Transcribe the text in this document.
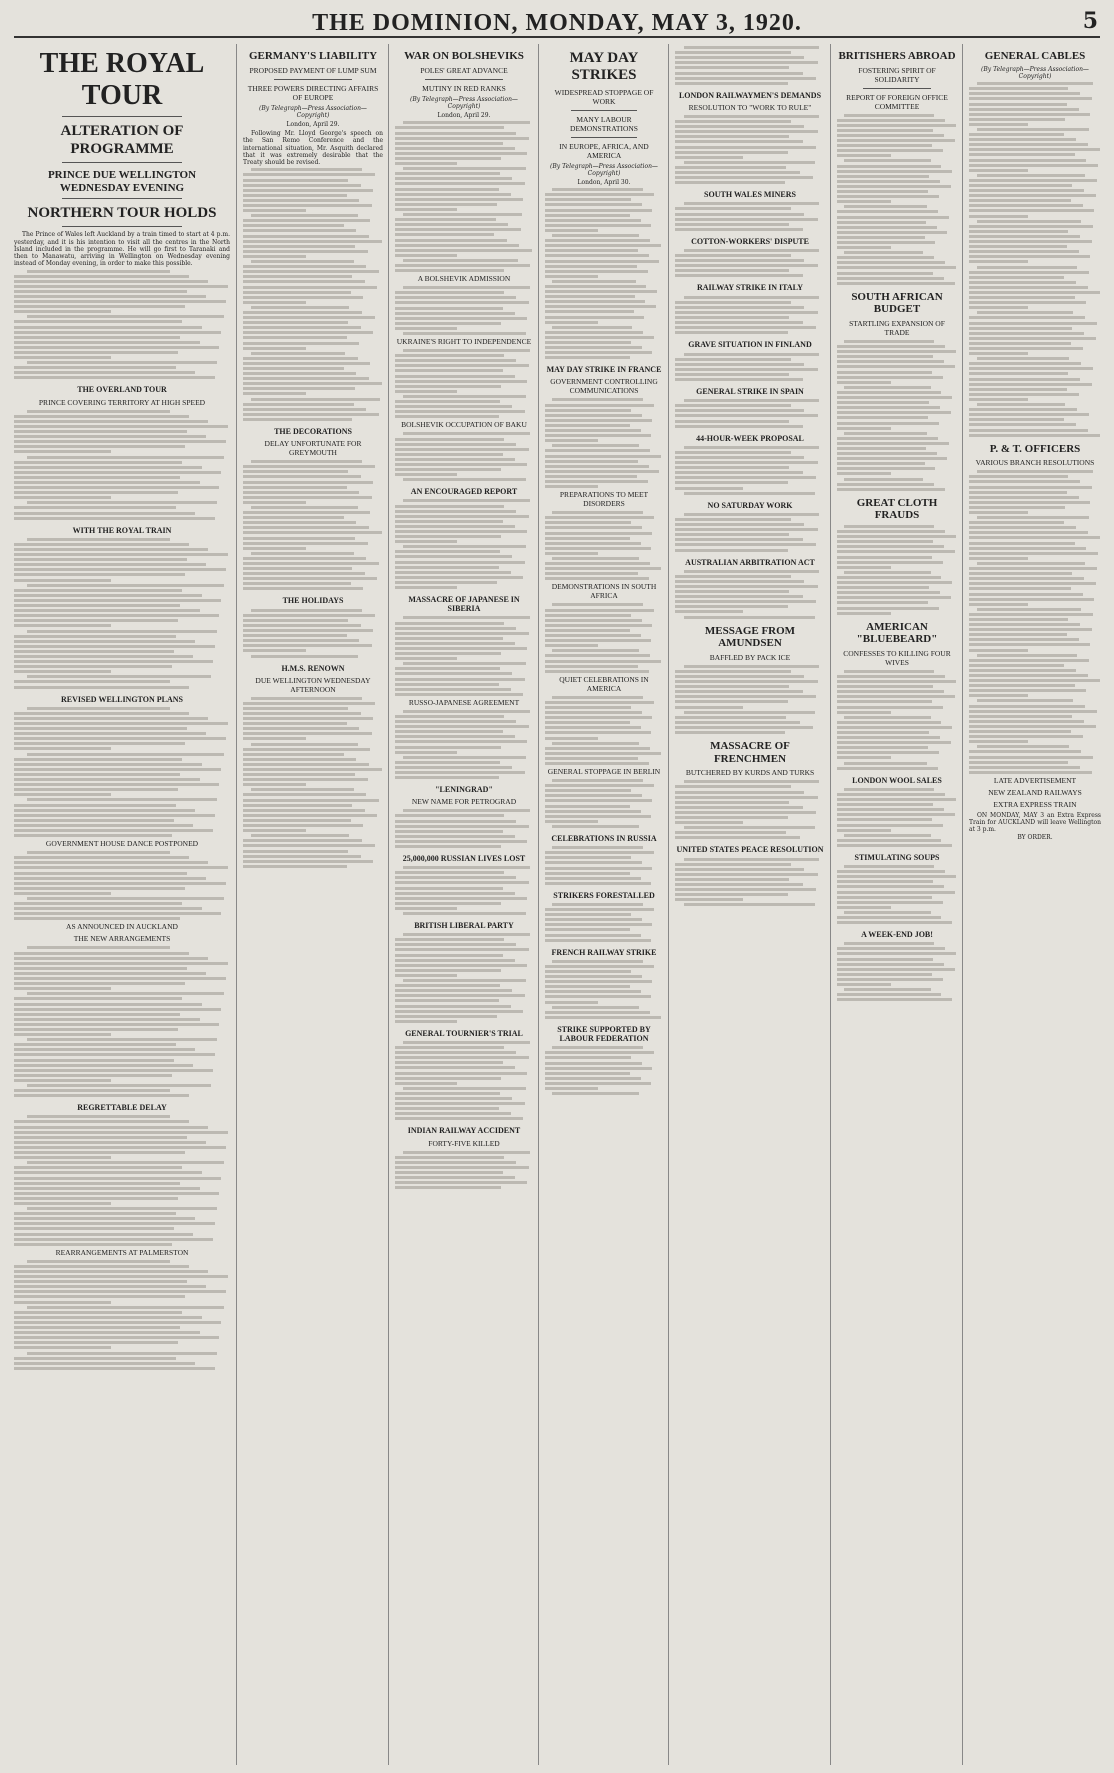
THE DOMINION, MONDAY, MAY 3, 1920.	5
THE ROYAL TOUR
ALTERATION OF PROGRAMME
PRINCE DUE WELLINGTON WEDNESDAY EVENING
NORTHERN TOUR HOLDS

The Prince of Wales left Auckland by a train timed to start at 4 p.m. yesterday, and it is his intention to visit all the centres in the North Island included in the programme. He will go first to Taranaki and then to Manawatu, arriving in Wellington on Wednesday evening instead of Monday evening, in order to make this possible.

THE OVERLAND TOUR
PRINCE COVERING TERRITORY AT HIGH SPEED
WITH THE ROYAL TRAIN
REVISED WELLINGTON PLANS
GOVERNMENT HOUSE DANCE POSTPONED
AS ANNOUNCED IN AUCKLAND
THE NEW ARRANGEMENTS
REGRETTABLE DELAY
REARRANGEMENTS AT PALMERSTON
GERMANY'S LIABILITY
PROPOSED PAYMENT OF LUMP SUM
THREE POWERS DIRECTING AFFAIRS OF EUROPE
(By Telegraph—Press Association—Copyright)
London, April 29.

Following Mr. Lloyd George's speech on the San Remo Conference and the international situation, Mr. Asquith declared that it was extremely desirable that the Treaty should be revised.

THE DECORATIONS
DELAY UNFORTUNATE FOR GREYMOUTH
THE HOLIDAYS
H.M.S. RENOWN
DUE WELLINGTON WEDNESDAY AFTERNOON
WAR ON BOLSHEVIKS
POLES' GREAT ADVANCE
MUTINY IN RED RANKS
(By Telegraph—Press Association—Copyright)
London, April 29.
A BOLSHEVIK ADMISSION
UKRAINE'S RIGHT TO INDEPENDENCE
BOLSHEVIK OCCUPATION OF BAKU
AN ENCOURAGED REPORT
MASSACRE OF JAPANESE IN SIBERIA
RUSSO-JAPANESE AGREEMENT
"LENINGRAD"
NEW NAME FOR PETROGRAD
25,000,000 RUSSIAN LIVES LOST
BRITISH LIBERAL PARTY
GENERAL TOURNIER'S TRIAL
INDIAN RAILWAY ACCIDENT
FORTY-FIVE KILLED
MAY DAY STRIKES
WIDESPREAD STOPPAGE OF WORK
MANY LABOUR DEMONSTRATIONS
IN EUROPE, AFRICA, AND AMERICA
(By Telegraph—Press Association—Copyright)
London, April 30.
MAY DAY STRIKE IN FRANCE
GOVERNMENT CONTROLLING COMMUNICATIONS
PREPARATIONS TO MEET DISORDERS
DEMONSTRATIONS IN SOUTH AFRICA
QUIET CELEBRATIONS IN AMERICA
GENERAL STOPPAGE IN BERLIN
CELEBRATIONS IN RUSSIA
STRIKERS FORESTALLED
FRENCH RAILWAY STRIKE
STRIKE SUPPORTED BY LABOUR FEDERATION
LONDON RAILWAYMEN'S DEMANDS
RESOLUTION TO "WORK TO RULE"
SOUTH WALES MINERS
COTTON-WORKERS' DISPUTE
RAILWAY STRIKE IN ITALY
GRAVE SITUATION IN FINLAND
GENERAL STRIKE IN SPAIN
44-HOUR-WEEK PROPOSAL
NO SATURDAY WORK
AUSTRALIAN ARBITRATION ACT
MESSAGE FROM AMUNDSEN
BAFFLED BY PACK ICE
MASSACRE OF FRENCHMEN
BUTCHERED BY KURDS AND TURKS
UNITED STATES PEACE RESOLUTION
BRITISHERS ABROAD
FOSTERING SPIRIT OF SOLIDARITY
REPORT OF FOREIGN OFFICE COMMITTEE
SOUTH AFRICAN BUDGET
STARTLING EXPANSION OF TRADE
GREAT CLOTH FRAUDS
AMERICAN "BLUEBEARD"
CONFESSES TO KILLING FOUR WIVES
LONDON WOOL SALES
STIMULATING SOUPS
A WEEK-END JOB!
GENERAL CABLES
(By Telegraph—Press Association—Copyright)
P. & T. OFFICERS
VARIOUS BRANCH RESOLUTIONS
LATE ADVERTISEMENT
NEW ZEALAND RAILWAYS
EXTRA EXPRESS TRAIN

ON MONDAY, MAY 3 an Extra Express Train for AUCKLAND will leave Wellington at 3 p.m.

BY ORDER.
